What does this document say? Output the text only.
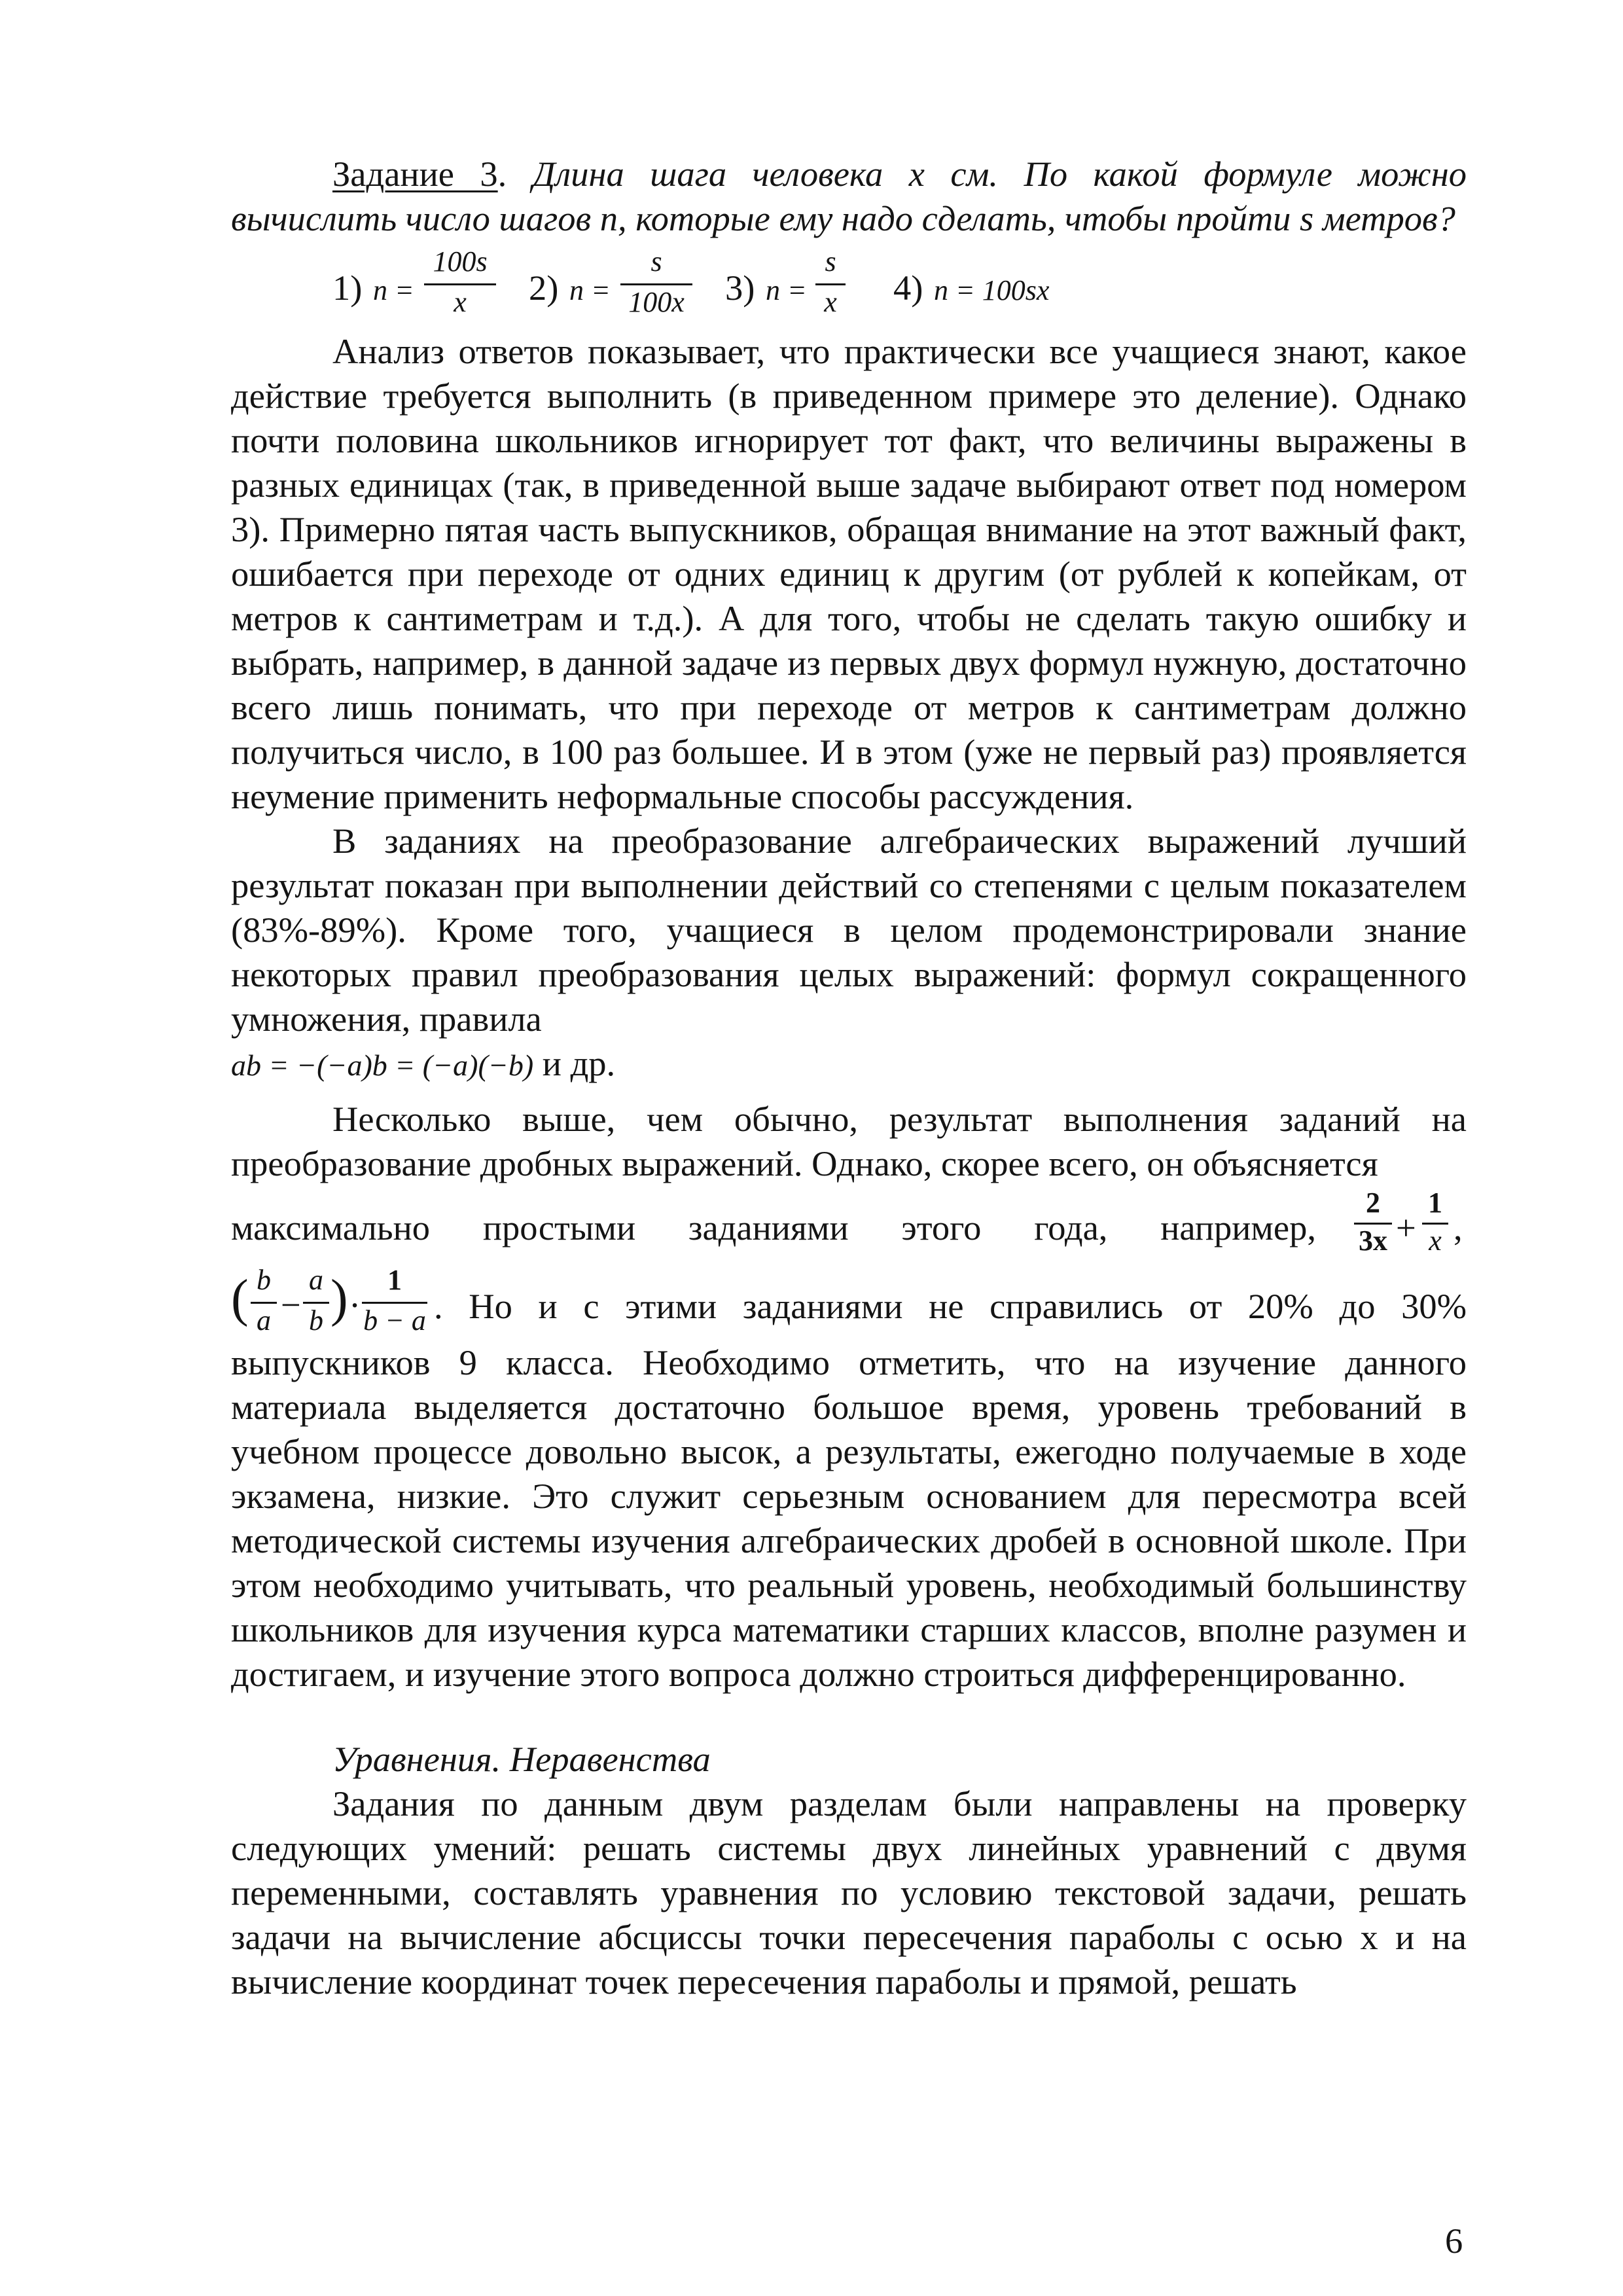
Задание 3. Длина шага человека x см. По какой формуле можно вычислить число шагов n, которые ему надо сделать, чтобы пройти s метров?

1) n =
100s
x	2) n =
s
100x 3) n =
s
x 4) n = 100sx

Анализ ответов показывает, что практически все учащиеся знают, какое действие требуется выполнить (в приведенном примере это деление). Однако почти половина школьников игнорирует тот факт, что величины выражены в разных единицах (так, в приведенной выше задаче выбирают ответ под номером 3). Примерно пятая часть выпускников, обращая внимание на этот важный факт, ошибается при переходе от одних единиц к другим (от рублей к копейкам, от метров к сантиметрам и т.д.). А для того, чтобы не сделать такую ошибку и выбрать, например, в данной задаче из первых двух формул нужную, достаточно всего лишь понимать, что при переходе от метров к сантиметрам должно получиться число, в 100 раз большее. И в этом (уже не первый раз) проявляется неумение применить неформальные способы рассуждения.

В заданиях на преобразование алгебраических выражений лучший результат показан при выполнении действий со степенями с целым показателем (83%-89%). Кроме того, учащиеся в целом продемонстрировали знание некоторых правил преобразования целых выражений: формул сокращенного умножения, правила
ab = −(−a)b = (−a)(−b) и др.

Несколько выше, чем обычно, результат выполнения заданий на преобразование дробных выражений. Однако, скорее всего, он объясняется

максимально простыми заданиями этого года, например,
2
3x +
1
x ,
( b
a −
a
b ) ·
1
b − a . Но и с этими заданиями не справились от 20% до 30%

выпускников 9 класса. Необходимо отметить, что на изучение данного материала выделяется достаточно большое время, уровень требований в учебном процессе довольно высок, а результаты, ежегодно получаемые в ходе экзамена, низкие. Это служит серьезным основанием для пересмотра всей методической системы изучения алгебраических дробей в основной школе. При этом необходимо учитывать, что реальный уровень, необходимый большинству школьников для изучения курса математики старших классов, вполне разумен и достигаем, и изучение этого вопроса должно строиться дифференцированно.

Уравнения. Неравенства

Задания по данным двум разделам были направлены на проверку следующих умений: решать системы двух линейных уравнений с двумя переменными, составлять уравнения по условию текстовой задачи, решать задачи на вычисление абсциссы точки пересечения параболы с осью x и на вычисление координат точек пересечения параболы и прямой, решать

6
